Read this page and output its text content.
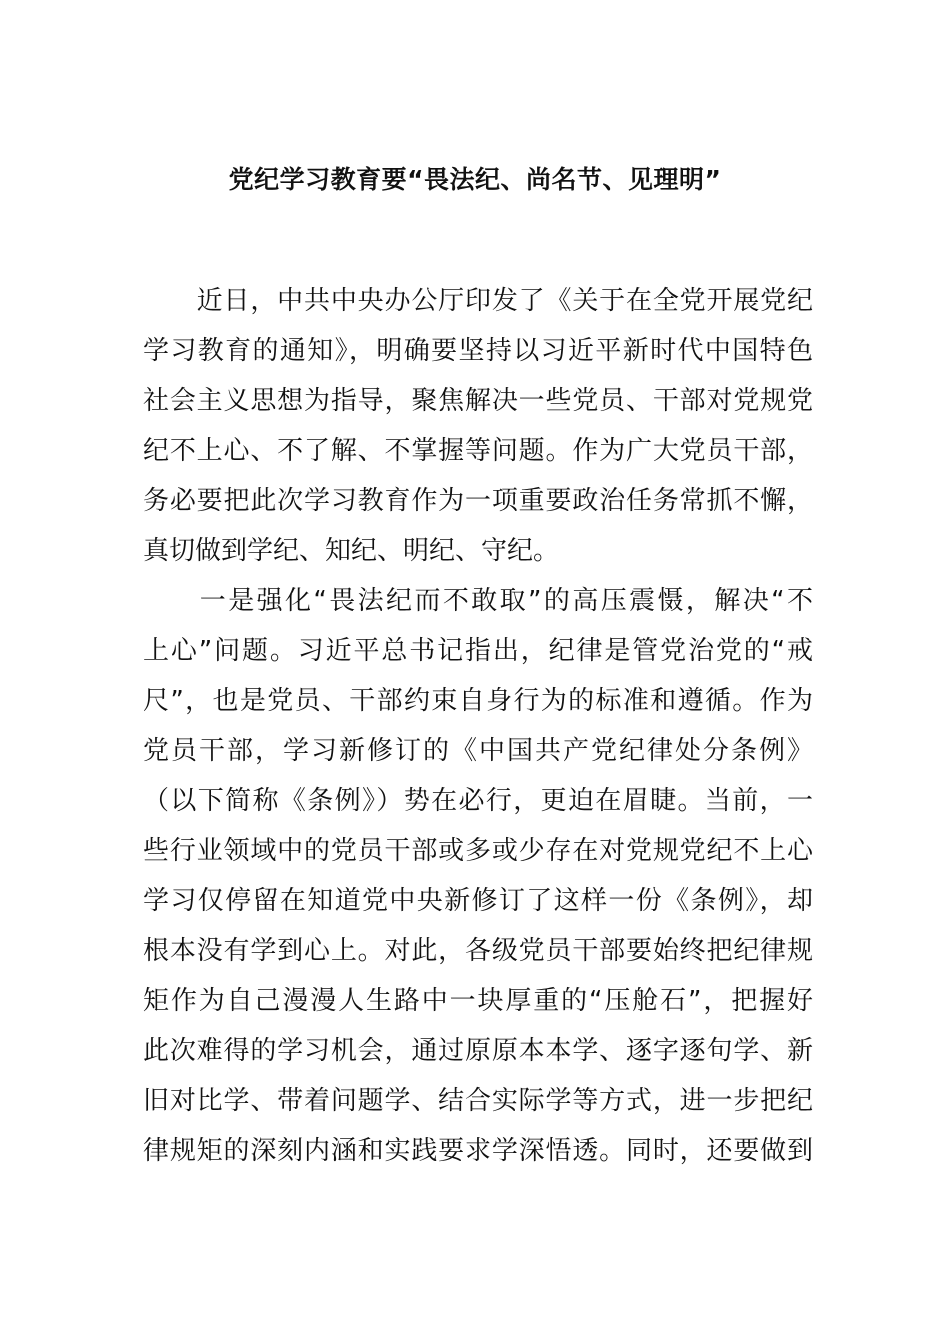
党纪学习教育要“畏法纪、尚名节、见理明”
　　近日，中共中央办公厅印发了《关于在全党开展党纪
学习教育的通知》，明确要坚持以习近平新时代中国特色
社会主义思想为指导，聚焦解决一些党员、干部对党规党
纪不上心、不了解、不掌握等问题。作为广大党员干部，
务必要把此次学习教育作为一项重要政治任务常抓不懈，
真切做到学纪、知纪、明纪、守纪。
　　一是强化“畏法纪而不敢取”的高压震慑，解决“不
上心”问题。习近平总书记指出，纪律是管党治党的“戒
尺”，也是党员、干部约束自身行为的标准和遵循。作为
党员干部，学习新修订的《中国共产党纪律处分条例》
（以下简称《条例》）势在必行，更迫在眉睫。当前，一
些行业领域中的党员干部或多或少存在对党规党纪不上心
学习仅停留在知道党中央新修订了这样一份《条例》，却
根本没有学到心上。对此，各级党员干部要始终把纪律规
矩作为自己漫漫人生路中一块厚重的“压舱石”，把握好
此次难得的学习机会，通过原原本本学、逐字逐句学、新
旧对比学、带着问题学、结合实际学等方式，进一步把纪
律规矩的深刻内涵和实践要求学深悟透。同时，还要做到
